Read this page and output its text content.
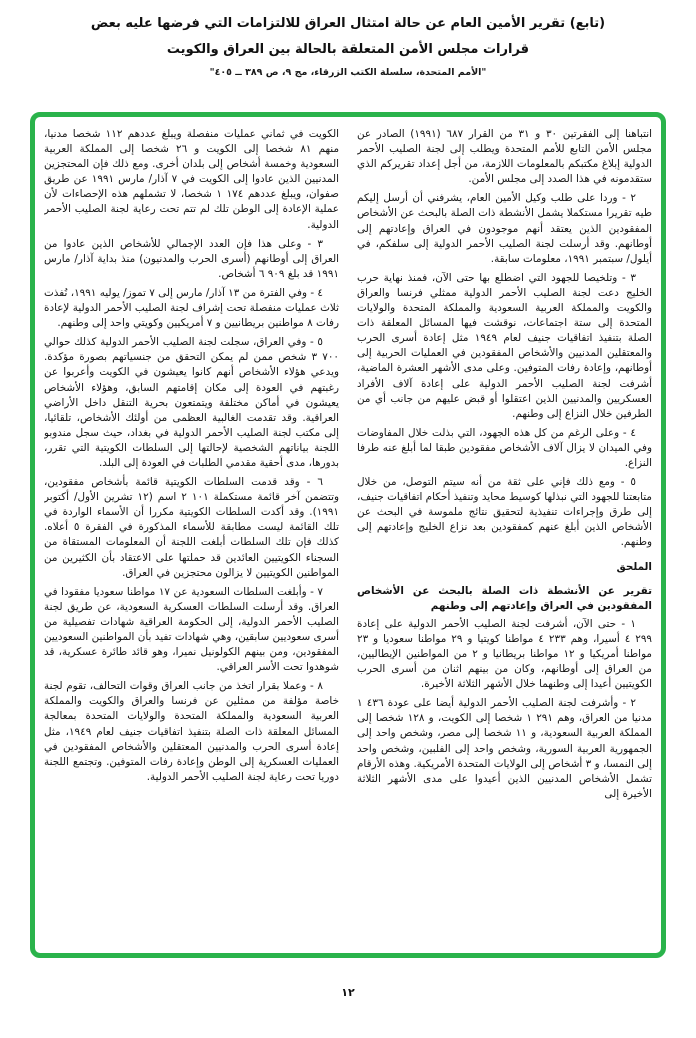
(تابع) تقرير الأمين العام عن حالة امتثال العراق للالتزامات التي فرضها عليه بعض
قرارات مجلس الأمن المتعلقة بالحالة بين العراق والكويت
"الأمم المتحدة، سلسلة الكتب الزرقاء، مج ٩، ص ٣٨٩ ــ ٤٠٥"

انتباهنا إلى الفقرتين ٣٠ و ٣١ من القرار ٦٨٧ (١٩٩١) الصادر عن مجلس الأمن التابع للأمم المتحدة ويطلب إلى لجنة الصليب الأحمر الدولية إبلاغ مكتبكم بالمعلومات اللازمة، من أجل إعداد تقريركم الذي ستقدمونه في هذا الصدد إلى مجلس الأمن.

٢ - وردا على طلب وكيل الأمين العام، يشرفني أن أرسل إليكم طيه تقريرا مستكملا يشمل الأنشطة ذات الصلة بالبحث عن الأشخاص المفقودين الذين يعتقد أنهم موجودون في العراق وإعادتهم إلى أوطانهم. وقد أرسلت لجنة الصليب الأحمر الدولية إلى سلفكم، في أيلول/ سبتمبر ١٩٩١، معلومات سابقة.

٣ - وتلخيصا للجهود التي اضطلع بها حتى الآن، فمنذ نهاية حرب الخليج دعت لجنة الصليب الأحمر الدولية ممثلي فرنسا والعراق والكويت والمملكة العربية السعودية والمملكة المتحدة والولايات المتحدة إلى ستة اجتماعات، نوقشت فيها المسائل المعلقة ذات الصلة بتنفيذ اتفاقيات جنيف لعام ١٩٤٩ مثل إعادة أسرى الحرب والمعتقلين المدنيين والأشخاص المفقودين في العمليات الحربية إلى أوطانهم، وإعادة رفات المتوفين. وعلى مدى الأشهر العشرة الماضية، أشرفت لجنة الصليب الأحمر الدولية على إعادة آلاف الأفراد العسكريين والمدنيين الذين اعتقلوا أو قبض عليهم من جانب أي من الطرفين خلال النزاع إلى وطنهم.

٤ - وعلى الرغم من كل هذه الجهود، التي بذلت خلال المفاوضات وفي الميدان لا يزال آلاف الأشخاص مفقودين طبقا لما أبلغ عنه طرفا النزاع.

٥ - ومع ذلك فإني على ثقة من أنه سيتم التوصل، من خلال متابعتنا للجهود التي نبذلها كوسيط محايد وتنفيذ أحكام اتفاقيات جنيف، إلى طرق وإجراءات تنفيذية لتحقيق نتائج ملموسة في البحث عن الأشخاص الذين أبلغ عنهم كمفقودين بعد نزاع الخليج وإعادتهم إلى وطنهم.

الملحق

تقرير عن الأنشطة ذات الصلة بالبحث عن الأشخاص المفقودين في العراق وإعادتهم إلى وطنهم

١ - حتى الآن، أشرفت لجنة الصليب الأحمر الدولية على إعادة ٢٩٩ ٤ أسيرا، وهم ٢٣٣ ٤ مواطنا كويتيا و ٢٩ مواطنا سعوديا و ٢٣ مواطنا أمريكيا و ١٢ مواطنا بريطانيا و ٢ من المواطنين الإيطاليين، من العراق إلى أوطانهم، وكان من بينهم اثنان من أسرى الحرب الكويتيين أعيدا إلى وطنهما خلال الأشهر الثلاثة الأخيرة.

٢ - وأشرفت لجنة الصليب الأحمر الدولية أيضا على عودة ٤٣٦ ١ مدنيا من العراق، وهم ٢٩١ ١ شخصا إلى الكويت، و ١٢٨ شخصا إلى المملكة العربية السعودية، و ١١ شخصا إلى مصر، وشخص واحد إلى الجمهورية العربية السورية، وشخص واحد إلى الفلبين، وشخص واحد إلى النمسا، و ٣ أشخاص إلى الولايات المتحدة الأمريكية. وهذه الأرقام تشمل الأشخاص المدنيين الذين أعيدوا على مدى الأشهر الثلاثة الأخيرة إلى

الكويت في ثماني عمليات منفصلة ويبلغ عددهم ١١٢ شخصا مدنيا، منهم ٨١ شخصا إلى الكويت و ٢٦ شخصا إلى المملكة العربية السعودية وخمسة أشخاص إلى بلدان أخرى. ومع ذلك فإن المحتجزين المدنيين الذين عادوا إلى الكويت في ٧ آذار/ مارس ١٩٩١ عن طريق صفوان، ويبلغ عددهم ١٧٤ ١ شخصا، لا تشملهم هذه الإحصاءات لأن عملية الإعادة إلى الوطن تلك لم تتم تحت رعاية لجنة الصليب الأحمر الدولية.

٣ - وعلى هذا فإن العدد الإجمالي للأشخاص الذين عادوا من العراق إلى أوطانهم (أسرى الحرب والمدنيون) منذ بداية آذار/ مارس ١٩٩١ قد بلغ ٩٠٩ ٦ أشخاص.

٤ - وفي الفترة من ١٣ آذار/ مارس إلى ٧ تموز/ يوليه ١٩٩١، نُفذت ثلاث عمليات منفصلة تحت إشراف لجنة الصليب الأحمر الدولية لإعادة رفات ٨ مواطنين بريطانيين و ٧ أمريكيين وكويتي واحد إلى وطنهم.

٥ - وفي العراق، سجلت لجنة الصليب الأحمر الدولية كذلك حوالي ٧٠٠ ٣ شخص ممن لم يمكن التحقق من جنسياتهم بصورة مؤكدة. ويدعي هؤلاء الأشخاص أنهم كانوا يعيشون في الكويت وأعربوا عن رغبتهم في العودة إلى مكان إقامتهم السابق، وهؤلاء الأشخاص يعيشون في أماكن مختلفة ويتمتعون بحرية التنقل داخل الأراضي العراقية. وقد تقدمت الغالبية العظمى من أولئك الأشخاص، تلقائيا، إلى مكتب لجنة الصليب الأحمر الدولية في بغداد، حيث سجل مندوبو اللجنة بياناتهم الشخصية لإحالتها إلى السلطات الكويتية التي تقرر، بدورها، مدى أحقية مقدمي الطلبات في العودة إلى البلد.

٦ - وقد قدمت السلطات الكويتية قائمة بأشخاص مفقودين، وتتضمن آخر قائمة مستكملة ١٠١ ٢ اسم (١٢ تشرين الأول/ أكتوبر ١٩٩١). وقد أكدت السلطات الكويتية مكررا أن الأسماء الواردة في تلك القائمة ليست مطابقة للأسماء المذكورة في الفقرة ٥ أعلاه. كذلك فإن تلك السلطات أبلغت اللجنة أن المعلومات المستقاة من السجناء الكويتيين العائدين قد حملتها على الاعتقاد بأن الكثيرين من المواطنين الكويتيين لا يزالون محتجزين في العراق.

٧ - وأبلغت السلطات السعودية عن ١٧ مواطنا سعوديا مفقودا في العراق. وقد أرسلت السلطات العسكرية السعودية، عن طريق لجنة الصليب الأحمر الدولية، إلى الحكومة العراقية شهادات تفصيلية من أسرى سعوديين سابقين، وهي شهادات تفيد بأن المواطنين السعوديين المفقودين، ومن بينهم الكولونيل نميرا، وهو قائد طائرة عسكرية، قد شوهدوا تحت الأسر العراقي.

٨ - وعملا بقرار اتخذ من جانب العراق وقوات التحالف، تقوم لجنة خاصة مؤلفة من ممثلين عن فرنسا والعراق والكويت والمملكة العربية السعودية والمملكة المتحدة والولايات المتحدة بمعالجة المسائل المعلقة ذات الصلة بتنفيذ اتفاقيات جنيف لعام ١٩٤٩، مثل إعادة أسرى الحرب والمدنيين المعتقلين والأشخاص المفقودين في العمليات العسكرية إلى الوطن وإعادة رفات المتوفين. وتجتمع اللجنة دوريا تحت رعاية لجنة الصليب الأحمر الدولية.

١٢
